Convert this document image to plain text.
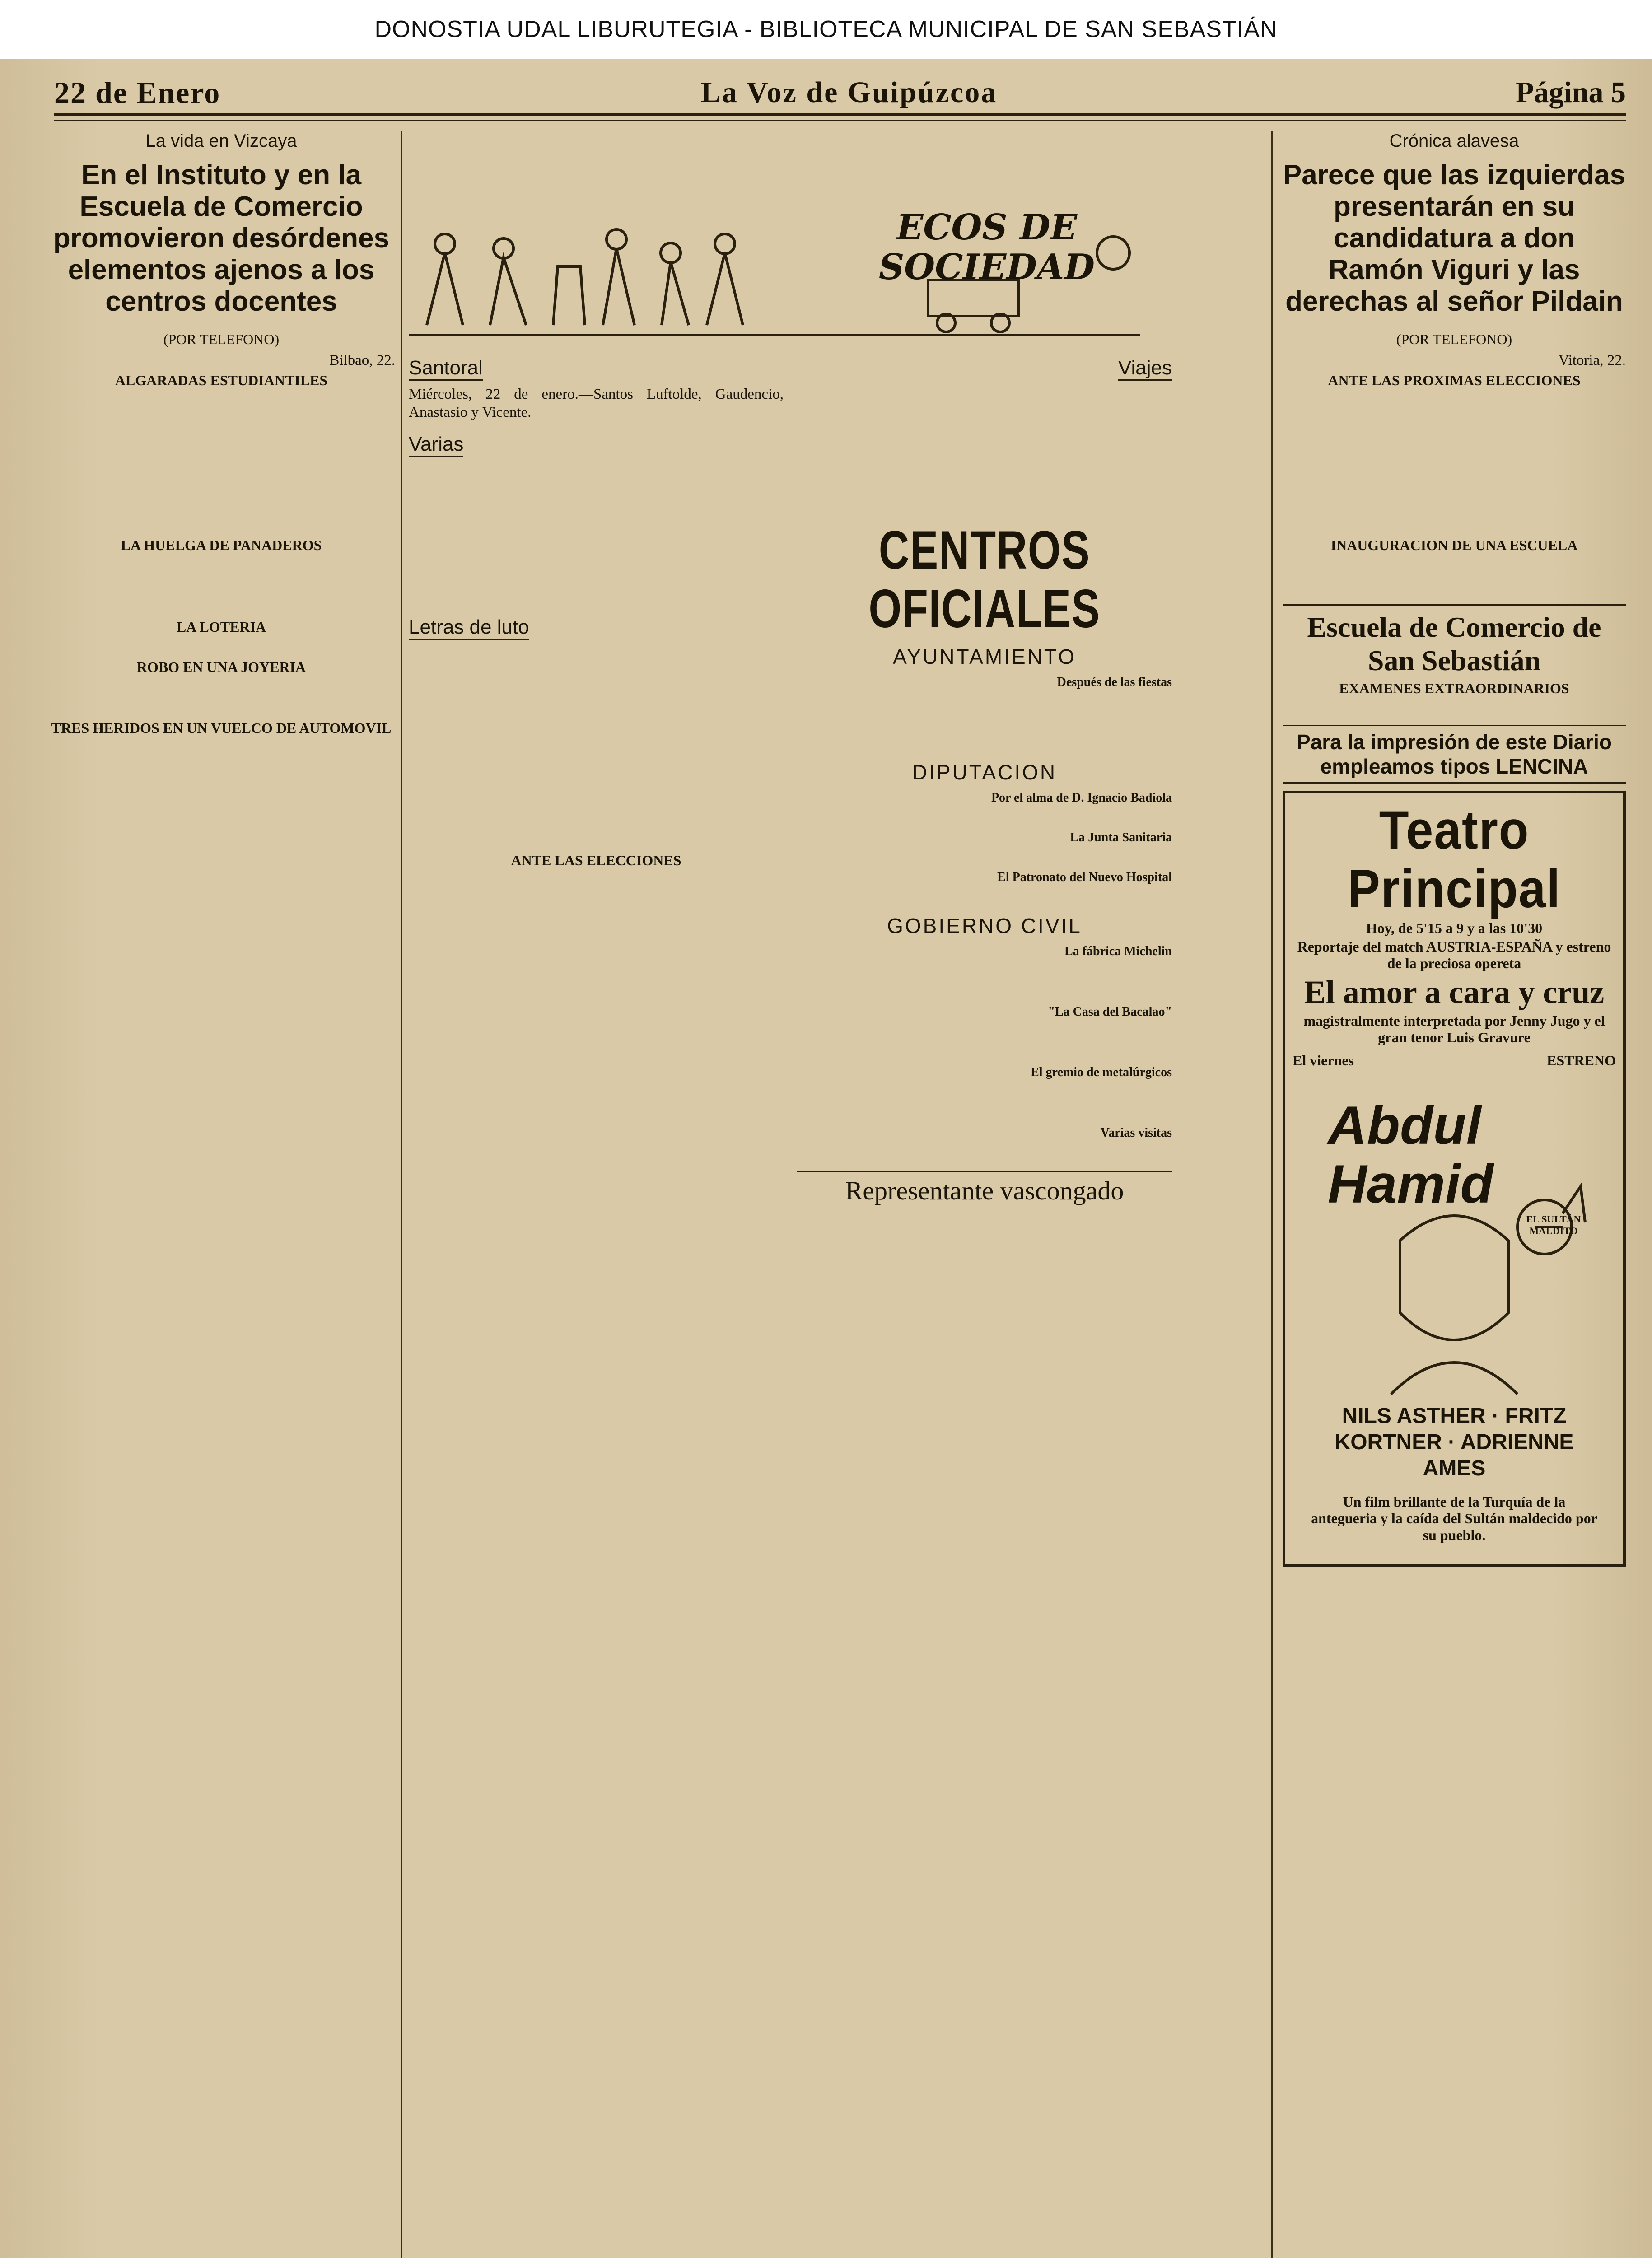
DONOSTIA UDAL LIBURUTEGIA - BIBLIOTECA MUNICIPAL DE SAN SEBASTIÁN
22 de Enero	La Voz de Guipúzcoa	Página 5

La vida en Vizcaya

En el Instituto y en la Escuela de Comercio promovieron desórdenes elementos ajenos a los centros docentes

(POR TELEFONO)

Bilbao, 22.

ALGARADAS ESTUDIANTILES

LA HUELGA DE PANADEROS

LA LOTERIA

ROBO EN UNA JOYERIA

TRES HERIDOS EN UN VUELCO DE AUTOMOVIL

ECOS DE SOCIEDAD
Santoral

Miércoles, 22 de enero.—Santos Luftolde, Gaudencio, Anastasio y Vicente.

Varias

Letras de luto

ANTE LAS ELECCIONES

Viajes

CENTROS OFICIALES

AYUNTAMIENTO

Después de las fiestas

DIPUTACION

Por el alma de D. Ignacio Badiola

La Junta Sanitaria

El Patronato del Nuevo Hospital

GOBIERNO CIVIL

La fábrica Michelin

"La Casa del Bacalao"

El gremio de metalúrgicos

Varias visitas

Representante vascongado

Crónica alavesa

Parece que las izquierdas presentarán en su candidatura a don Ramón Viguri y las derechas al señor Pildain

(POR TELEFONO)

Vitoria, 22.

ANTE LAS PROXIMAS ELECCIONES

INAUGURACION DE UNA ESCUELA

Escuela de Comercio de San Sebastián

EXAMENES EXTRAORDINARIOS

Para la impresión de este Diario empleamos tipos LENCINA

Teatro Principal

Hoy, de 5'15 a 9 y a las 10'30

Reportaje del match AUSTRIA-ESPAÑA y estreno de la preciosa opereta

El amor a cara y cruz

magistralmente interpretada por Jenny Jugo y el gran tenor Luis Gravure

El viernes	ESTRENO
Abdul Hamid
EL SULTÁN MALDITO
NILS ASTHER · FRITZ KORTNER · ADRIENNE AMES
Un film brillante de la Turquía de la antegueria y la caída del Sultán maldecido por su pueblo.
